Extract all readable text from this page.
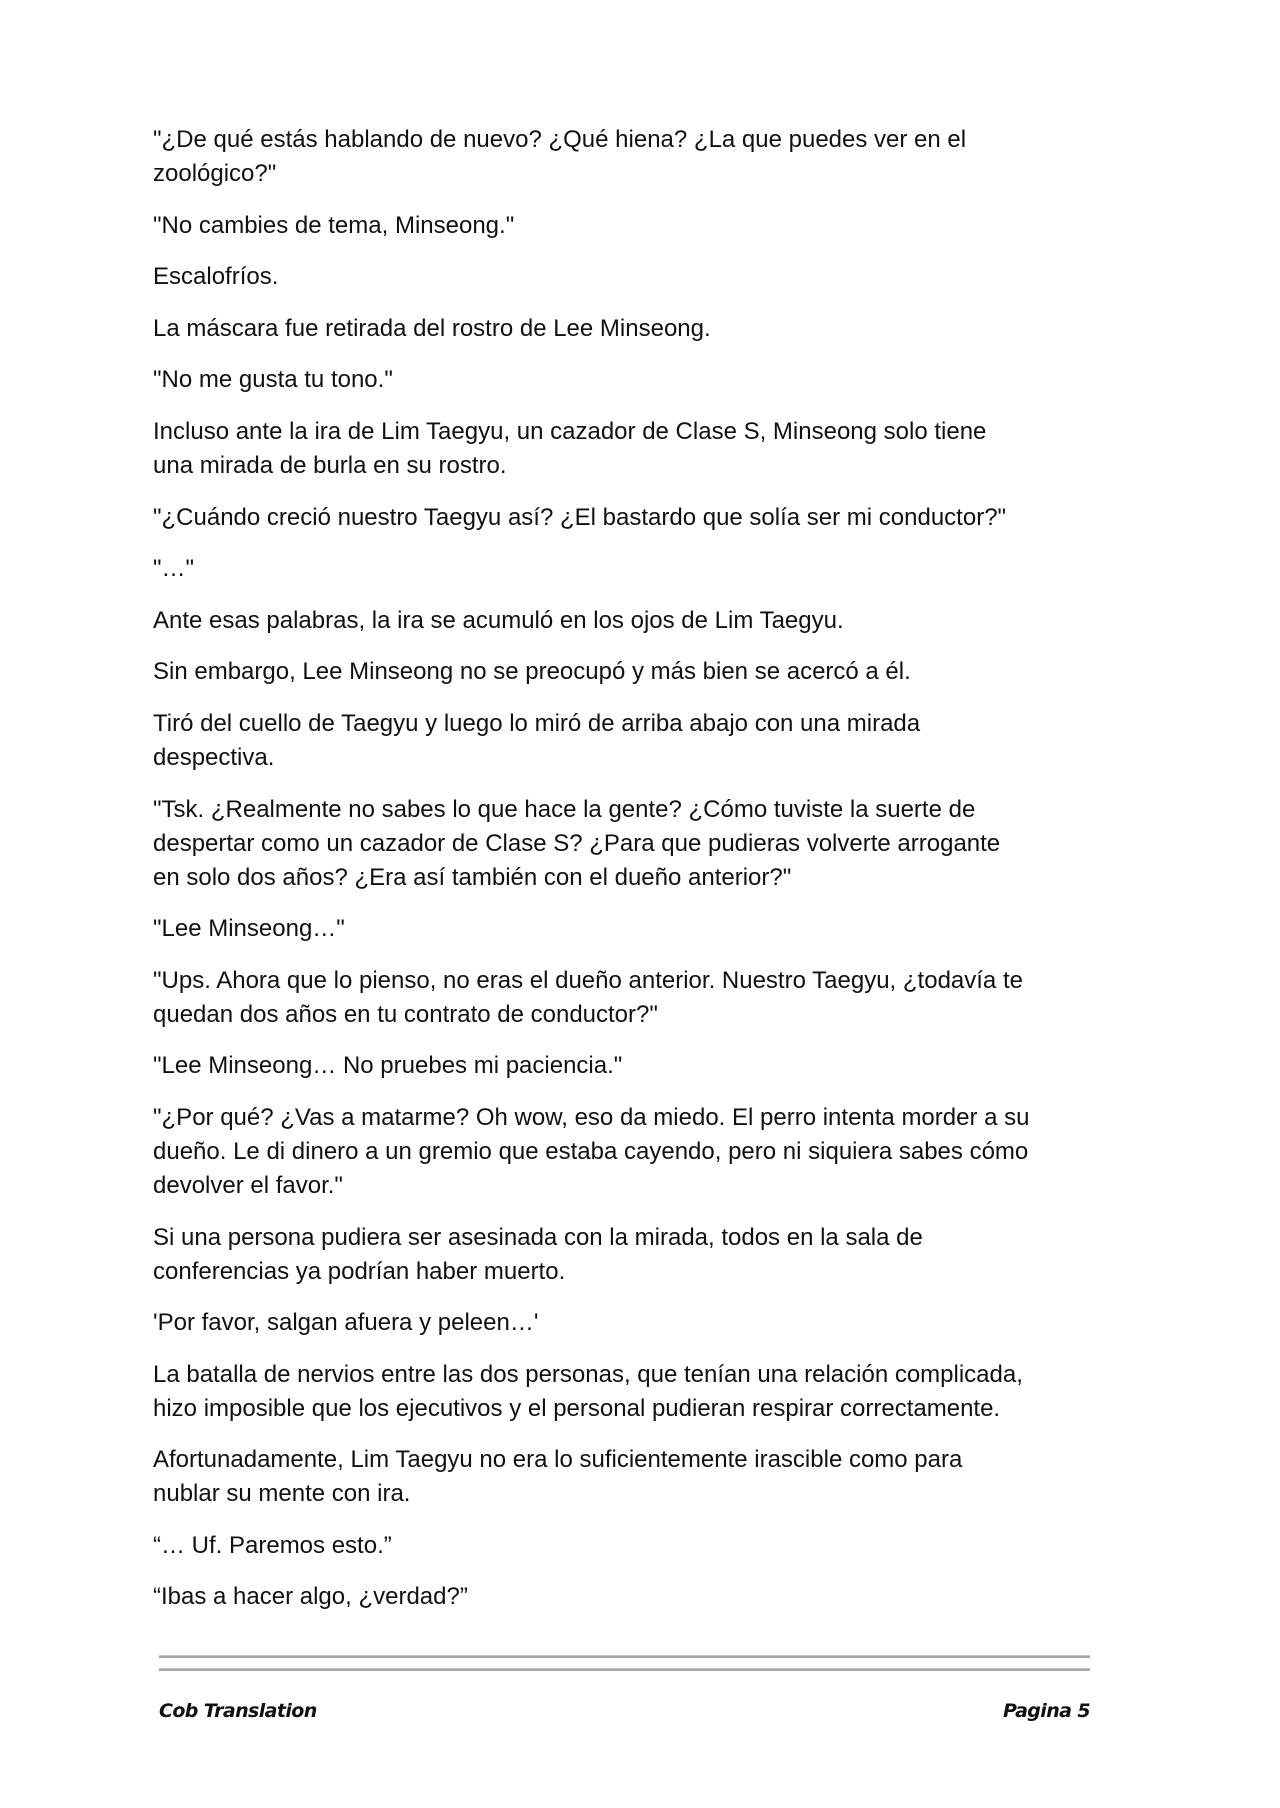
"¿De qué estás hablando de nuevo? ¿Qué hiena? ¿La que puedes ver en el
zoológico?"

"No cambies de tema, Minseong."

Escalofríos.

La máscara fue retirada del rostro de Lee Minseong.

"No me gusta tu tono."

Incluso ante la ira de Lim Taegyu, un cazador de Clase S, Minseong solo tiene
una mirada de burla en su rostro.

"¿Cuándo creció nuestro Taegyu así? ¿El bastardo que solía ser mi conductor?"

"…"

Ante esas palabras, la ira se acumuló en los ojos de Lim Taegyu.

Sin embargo, Lee Minseong no se preocupó y más bien se acercó a él.

Tiró del cuello de Taegyu y luego lo miró de arriba abajo con una mirada
despectiva.

"Tsk. ¿Realmente no sabes lo que hace la gente? ¿Cómo tuviste la suerte de
despertar como un cazador de Clase S? ¿Para que pudieras volverte arrogante
en solo dos años? ¿Era así también con el dueño anterior?"

"Lee Minseong…"

"Ups. Ahora que lo pienso, no eras el dueño anterior. Nuestro Taegyu, ¿todavía te
quedan dos años en tu contrato de conductor?"

"Lee Minseong… No pruebes mi paciencia."

"¿Por qué? ¿Vas a matarme? Oh wow, eso da miedo. El perro intenta morder a su
dueño. Le di dinero a un gremio que estaba cayendo, pero ni siquiera sabes cómo
devolver el favor."

Si una persona pudiera ser asesinada con la mirada, todos en la sala de
conferencias ya podrían haber muerto.

'Por favor, salgan afuera y peleen…'

La batalla de nervios entre las dos personas, que tenían una relación complicada,
hizo imposible que los ejecutivos y el personal pudieran respirar correctamente.

Afortunadamente, Lim Taegyu no era lo suficientemente irascible como para
nublar su mente con ira.

“… Uf. Paremos esto.”

“Ibas a hacer algo, ¿verdad?”

Cob Translation	Pagina 5
